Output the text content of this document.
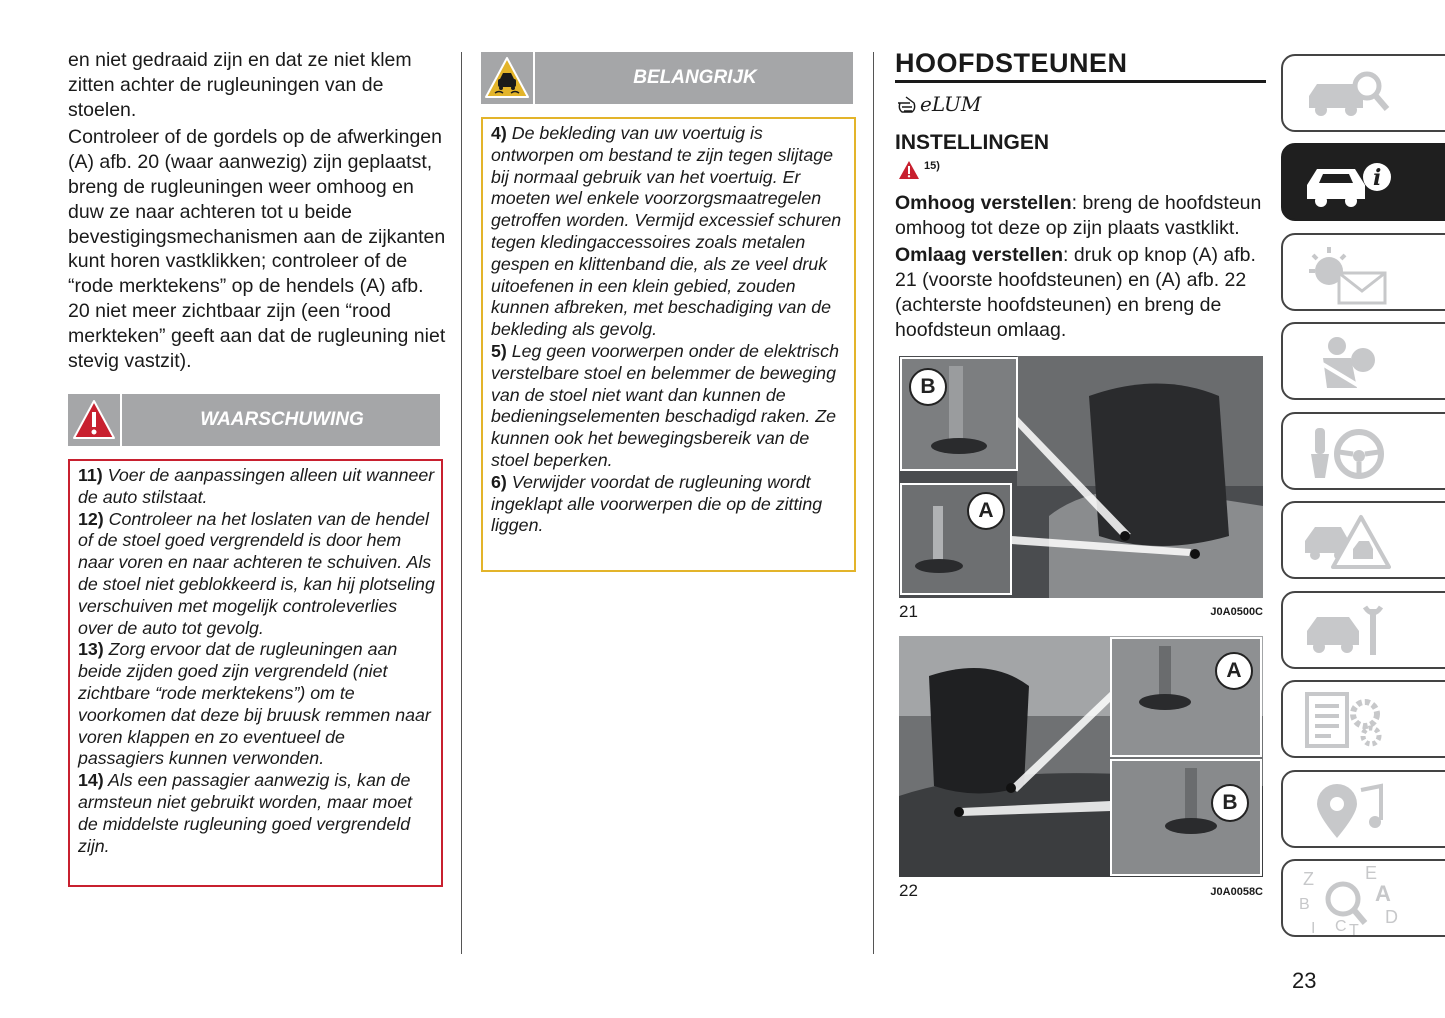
en niet gedraaid zijn en dat ze niet klem zitten achter de rugleuningen van de stoelen.

Controleer of de gordels op de afwerkingen (A) afb. 20 (waar aanwezig) zijn geplaatst, breng de rugleuningen weer omhoog en duw ze naar achteren tot u beide bevestigingsmechanismen aan de zijkanten kunt horen vastklikken; controleer of de “rode merktekens” op de hendels (A) afb. 20 niet meer zichtbaar zijn (een “rood merkteken” geeft aan dat de rugleuning niet stevig vastzit).

WAARSCHUWING

11) Voer de aanpassingen alleen uit wanneer de auto stilstaat.

12) Controleer na het loslaten van de hendel of de stoel goed vergrendeld is door hem naar voren en naar achteren te schuiven. Als de stoel niet geblokkeerd is, kan hij plotseling verschuiven met mogelijk controleverlies over de auto tot gevolg.

13) Zorg ervoor dat de rugleuningen aan beide zijden goed zijn vergrendeld (niet zichtbare “rode merktekens”) om te voorkomen dat deze bij bruusk remmen naar voren klappen en zo eventueel de passagiers kunnen verwonden.

14) Als een passagier aanwezig is, kan de armsteun niet gebruikt worden, maar moet de middelste rugleuning goed vergrendeld zijn.

BELANGRIJK

4) De bekleding van uw voertuig is ontworpen om bestand te zijn tegen slijtage bij normaal gebruik van het voertuig. Er moeten wel enkele voorzorgsmaatregelen getroffen worden. Vermijd excessief schuren tegen kledingaccessoires zoals metalen gespen en klittenband die, als ze veel druk uitoefenen in een klein gebied, zouden kunnen afbreken, met beschadiging van de bekleding als gevolg.

5) Leg geen voorwerpen onder de elektrisch verstelbare stoel en belemmer de beweging van de stoel niet want dan kunnen de bedieningselementen beschadigd raken. Ze kunnen ook het bewegingsbereik van de stoel beperken.

6) Verwijder voordat de rugleuning wordt ingeklapt alle voorwerpen die op de zitting liggen.

HOOFDSTEUNEN
eLUM
INSTELLINGEN
$^{15)}$

Omhoog verstellen: breng de hoofdsteun omhoog tot deze op zijn plaats vastklikt.

Omlaag verstellen: druk op knop (A) afb. 21 (voorste hoofdsteunen) en (A) afb. 22 (achterste hoofdsteunen) en breng de hoofdsteun omlaag.

B
A
21	J0A0500C
A
B
22	J0A0058C
i
Z	E
A
B
C D
I T
23
